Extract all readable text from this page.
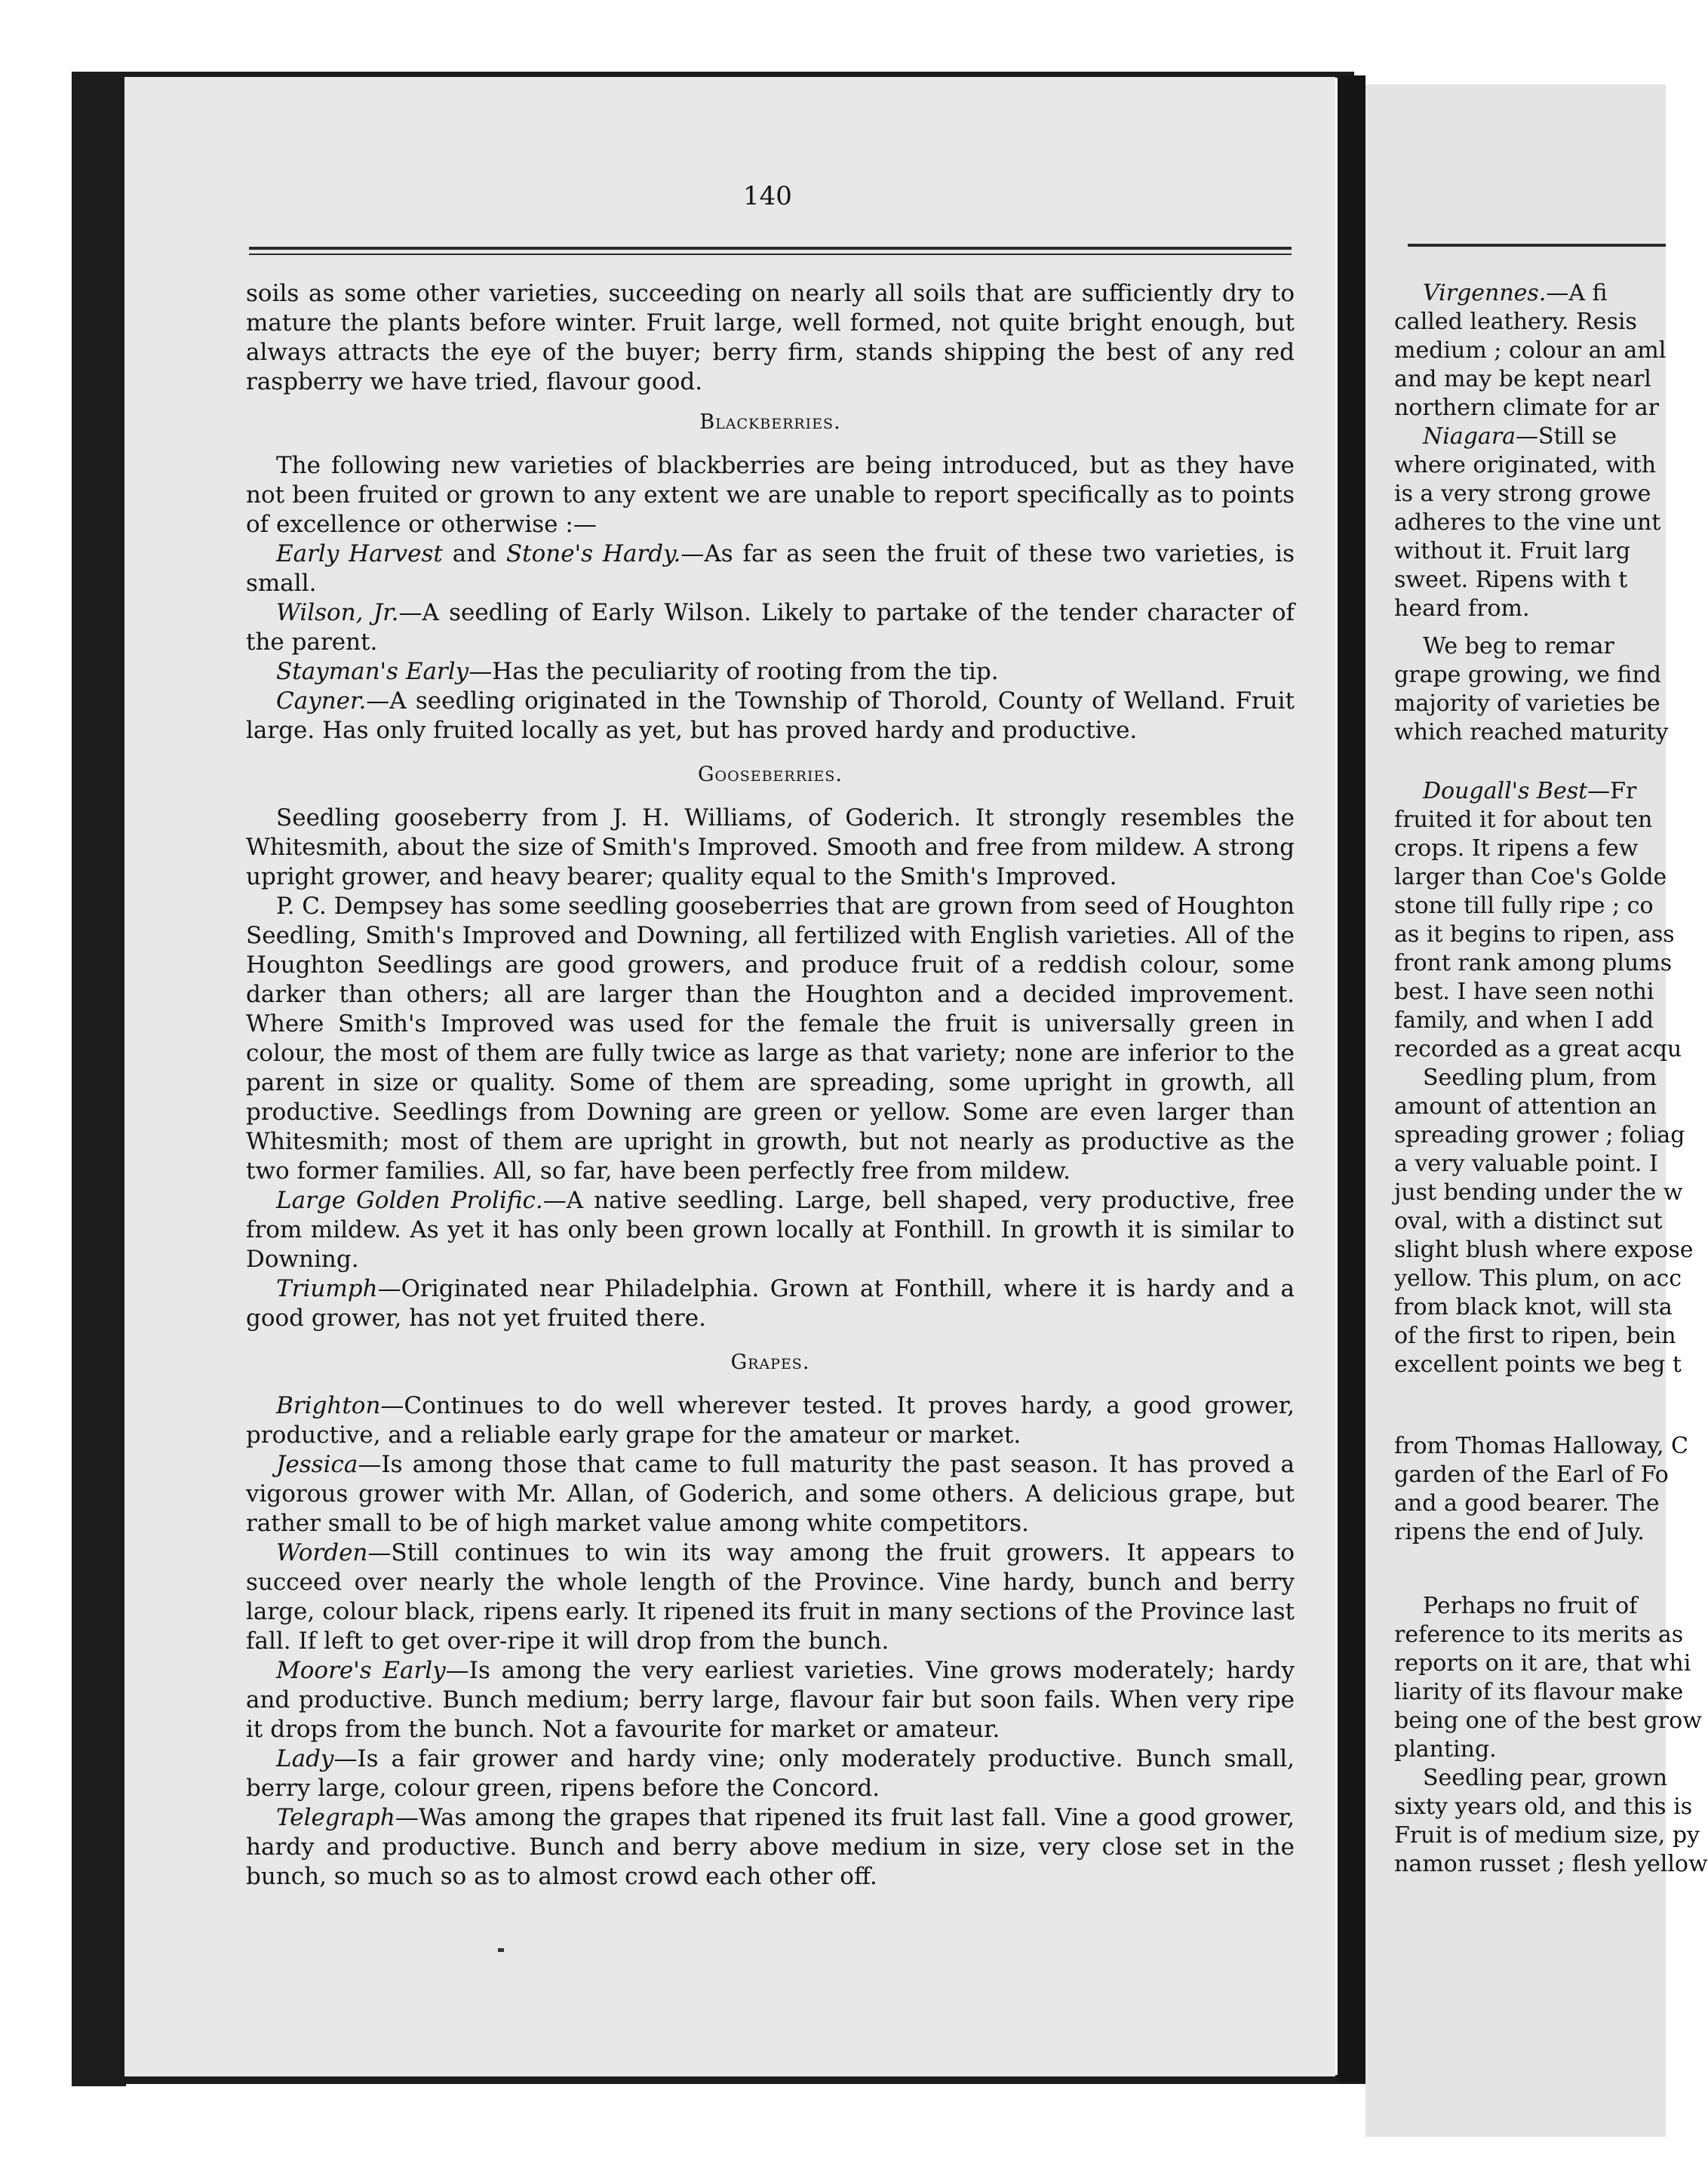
140

soils as some other varieties, succeeding on nearly all soils that are sufficiently dry to mature the plants before winter. Fruit large, well formed, not quite bright enough, but always attracts the eye of the buyer; berry firm, stands shipping the best of any red raspberry we have tried, flavour good.

Blackberries.

The following new varieties of blackberries are being introduced, but as they have not been fruited or grown to any extent we are unable to report specifically as to points of excellence or otherwise :—

Early Harvest and Stone's Hardy.—As far as seen the fruit of these two varieties, is small.

Wilson, Jr.—A seedling of Early Wilson. Likely to partake of the tender character of the parent.

Stayman's Early—Has the peculiarity of rooting from the tip.

Cayner.—A seedling originated in the Township of Thorold, County of Welland. Fruit large. Has only fruited locally as yet, but has proved hardy and productive.

Gooseberries.

Seedling gooseberry from J. H. Williams, of Goderich. It strongly resembles the Whitesmith, about the size of Smith's Improved. Smooth and free from mildew. A strong upright grower, and heavy bearer; quality equal to the Smith's Improved.

P. C. Dempsey has some seedling gooseberries that are grown from seed of Houghton Seedling, Smith's Improved and Downing, all fertilized with English varieties. All of the Houghton Seedlings are good growers, and produce fruit of a reddish colour, some darker than others; all are larger than the Houghton and a decided improvement. Where Smith's Improved was used for the female the fruit is universally green in colour, the most of them are fully twice as large as that variety; none are inferior to the parent in size or quality. Some of them are spreading, some upright in growth, all productive. Seedlings from Downing are green or yellow. Some are even larger than Whitesmith; most of them are upright in growth, but not nearly as productive as the two former families. All, so far, have been perfectly free from mildew.

Large Golden Prolific.—A native seedling. Large, bell shaped, very productive, free from mildew. As yet it has only been grown locally at Fonthill. In growth it is similar to Downing.

Triumph—Originated near Philadelphia. Grown at Fonthill, where it is hardy and a good grower, has not yet fruited there.

Grapes.

Brighton—Continues to do well wherever tested. It proves hardy, a good grower, productive, and a reliable early grape for the amateur or market.

Jessica—Is among those that came to full maturity the past season. It has proved a vigorous grower with Mr. Allan, of Goderich, and some others. A delicious grape, but rather small to be of high market value among white competitors.

Worden—Still continues to win its way among the fruit growers. It appears to succeed over nearly the whole length of the Province. Vine hardy, bunch and berry large, colour black, ripens early. It ripened its fruit in many sections of the Province last fall. If left to get over-ripe it will drop from the bunch.

Moore's Early—Is among the very earliest varieties. Vine grows moderately; hardy and productive. Bunch medium; berry large, flavour fair but soon fails. When very ripe it drops from the bunch. Not a favourite for market or amateur.

Lady—Is a fair grower and hardy vine; only moderately productive. Bunch small, berry large, colour green, ripens before the Concord.

Telegraph—Was among the grapes that ripened its fruit last fall. Vine a good grower, hardy and productive. Bunch and berry above medium in size, very close set in the bunch, so much so as to almost crowd each other off.

Virgennes.—A fi

called leathery. Resis

medium ; colour an aml

and may be kept nearl

northern climate for ar

Niagara—Still se

where originated, with

is a very strong growe

adheres to the vine unt

without it. Fruit larg

sweet. Ripens with t

heard from.

We beg to remar

grape growing, we find

majority of varieties be

which reached maturity

Dougall's Best—Fr

fruited it for about ten

crops. It ripens a few

larger than Coe's Golde

stone till fully ripe ; co

as it begins to ripen, ass

front rank among plums

best. I have seen nothi

family, and when I add

recorded as a great acqu

Seedling plum, from

amount of attention an

spreading grower ; foliag

a very valuable point. I

just bending under the w

oval, with a distinct sut

slight blush where expose

yellow. This plum, on acc

from black knot, will sta

of the first to ripen, bein

excellent points we beg t

from Thomas Halloway, C

garden of the Earl of Fo

and a good bearer. The

ripens the end of July.

Perhaps no fruit of

reference to its merits as

reports on it are, that whi

liarity of its flavour make

being one of the best grow

planting.

Seedling pear, grown

sixty years old, and this is

Fruit is of medium size, py

namon russet ; flesh yellow
